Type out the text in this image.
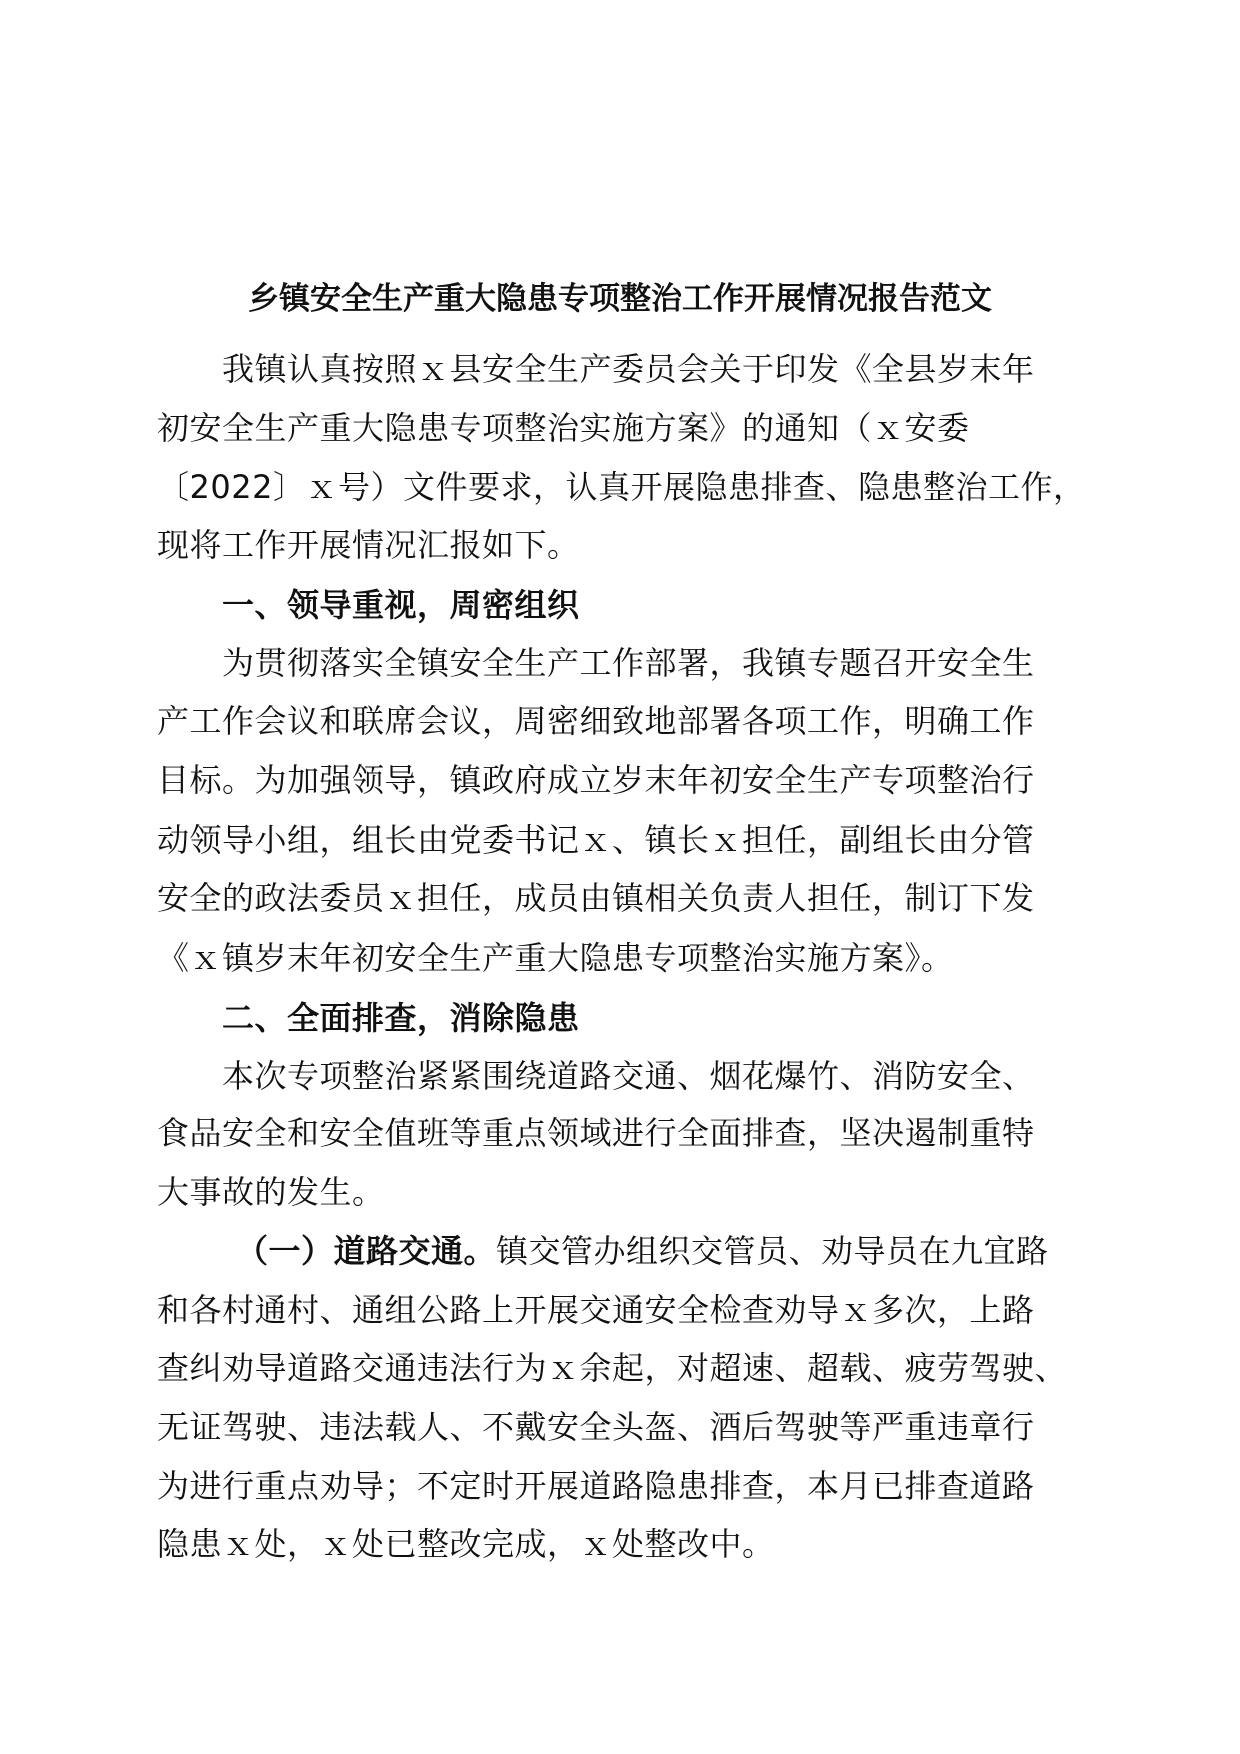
乡镇安全生产重大隐患专项整治工作开展情况报告范文
我镇认真按照ｘ县安全生产委员会关于印发《全县岁末年
初安全生产重大隐患专项整治实施方案》的通知（ｘ安委
〔2022〕ｘ号）文件要求，认真开展隐患排查、隐患整治工作，
现将工作开展情况汇报如下。
一、领导重视，周密组织
为贯彻落实全镇安全生产工作部署，我镇专题召开安全生
产工作会议和联席会议，周密细致地部署各项工作，明确工作
目标。为加强领导，镇政府成立岁末年初安全生产专项整治行
动领导小组，组长由党委书记ｘ、镇长ｘ担任，副组长由分管
安全的政法委员ｘ担任，成员由镇相关负责人担任，制订下发
《ｘ镇岁末年初安全生产重大隐患专项整治实施方案》。
二、全面排查，消除隐患
本次专项整治紧紧围绕道路交通、烟花爆竹、消防安全、
食品安全和安全值班等重点领域进行全面排查，坚决遏制重特
大事故的发生。
（一）道路交通。镇交管办组织交管员、劝导员在九宜路
和各村通村、通组公路上开展交通安全检查劝导ｘ多次，上路
查纠劝导道路交通违法行为ｘ余起，对超速、超载、疲劳驾驶、
无证驾驶、违法载人、不戴安全头盔、酒后驾驶等严重违章行
为进行重点劝导；不定时开展道路隐患排查，本月已排查道路
隐患ｘ处，ｘ处已整改完成，ｘ处整改中。
